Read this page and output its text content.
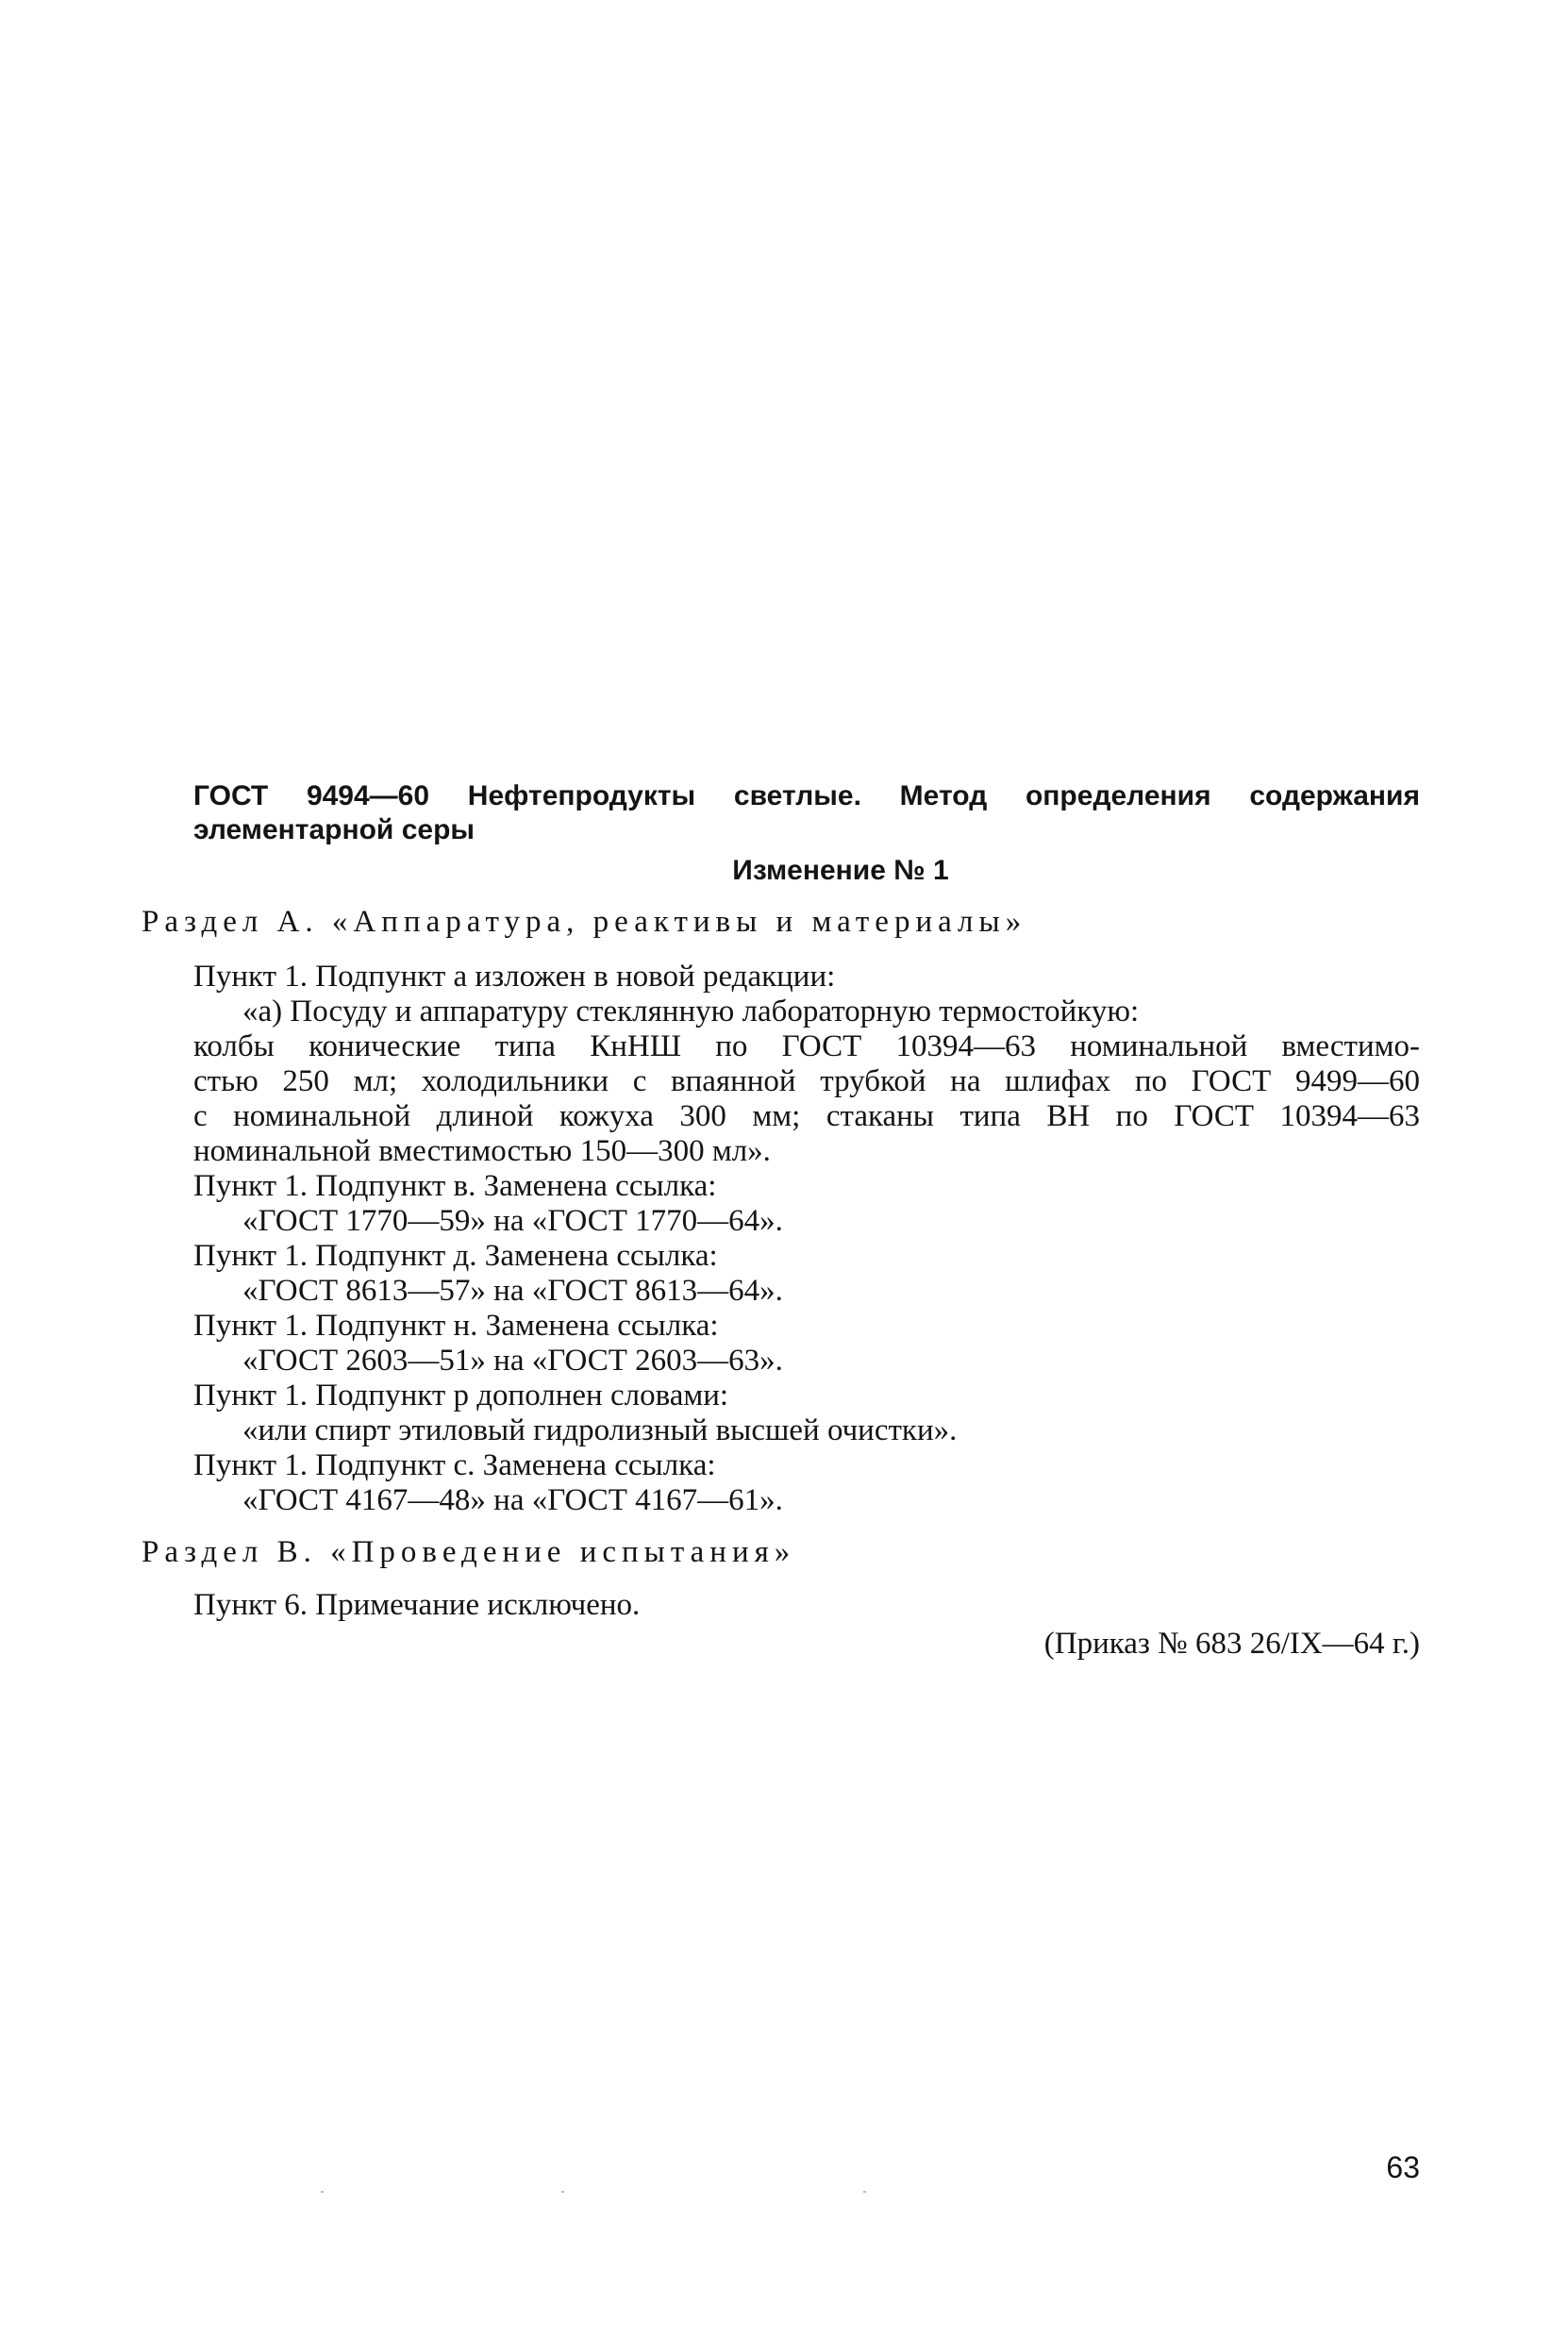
ГОСТ 9494—60 Нефтепродукты светлые. Метод определения содержания
элементарной серы
Изменение № 1
Раздел А. «Аппаратура, реактивы и материалы»
Пункт 1. Подпункт а изложен в новой редакции:
«а) Посуду и аппаратуру стеклянную лабораторную термостойкую:
колбы конические типа КнНШ по ГОСТ 10394—63 номинальной вместимо-
стью 250 мл; холодильники с впаянной трубкой на шлифах по ГОСТ 9499—60
с номинальной длиной кожуха 300 мм; стаканы типа ВН по ГОСТ 10394—63
номинальной вместимостью 150—300 мл».
Пункт 1. Подпункт в. Заменена ссылка:
«ГОСТ 1770—59» на «ГОСТ 1770—64».
Пункт 1. Подпункт д. Заменена ссылка:
«ГОСТ 8613—57» на «ГОСТ 8613—64».
Пункт 1. Подпункт н. Заменена ссылка:
«ГОСТ 2603—51» на «ГОСТ 2603—63».
Пункт 1. Подпункт р дополнен словами:
«или спирт этиловый гидролизный высшей очистки».
Пункт 1. Подпункт с. Заменена ссылка:
«ГОСТ 4167—48» на «ГОСТ 4167—61».
Раздел В. «Проведение испытания»
Пункт 6. Примечание исключено.
(Приказ № 683 26/IX—64 г.)
63
